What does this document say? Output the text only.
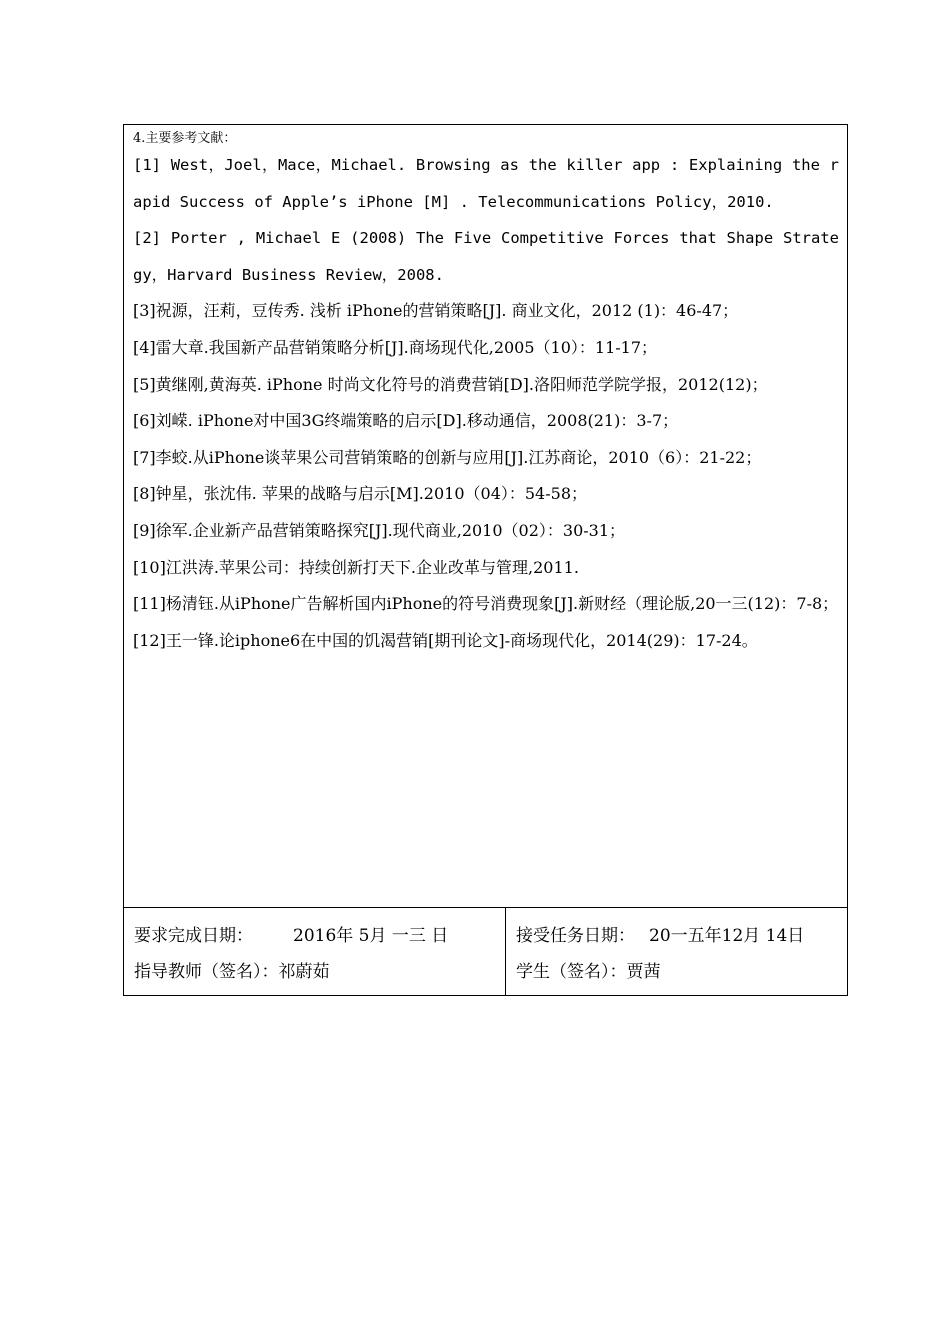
4.主要参考文献：

[1] West，Joel，Mace，Michael. Browsing as the killer app : Explaining the rapid Success of Apple’s iPhone [M] . Telecommunications Policy，2010.

[2] Porter , Michael E (2008) The Five Competitive Forces that Shape Strategy，Harvard Business Review，2008.

[3]祝源，汪莉，豆传秀. 浅析 iPhone的营销策略[J]. 商业文化，2012 (1)：46-47；

[4]雷大章.我国新产品营销策略分析[J].商场现代化,2005（10）：11-17；

[5]黄继刚,黄海英. iPhone 时尚文化符号的消费营销[D].洛阳师范学院学报，2012(12)；

[6]刘嵘. iPhone对中国3G终端策略的启示[D].移动通信，2008(21)：3-7；

[7]李蛟.从iPhone谈苹果公司营销策略的创新与应用[J].江苏商论，2010（6）：21-22；

[8]钟星，张沈伟. 苹果的战略与启示[M].2010（04）：54-58；

[9]徐军.企业新产品营销策略探究[J].现代商业,2010（02）：30-31；

[10]江洪涛.苹果公司：持续创新打天下.企业改革与管理,2011.

[11]杨清钰.从iPhone广告解析国内iPhone的符号消费现象[J].新财经（理论版,20一三(12)：7-8；

[12]王一锋.论iphone6在中国的饥渴营销[期刊论文]-商场现代化，2014(29)：17-24。

要求完成日期： 2016年 5月 一三 日
指导教师（签名）：祁蔚茹

接受任务日期： 20一五年12月 14日
学生（签名）：贾茜
